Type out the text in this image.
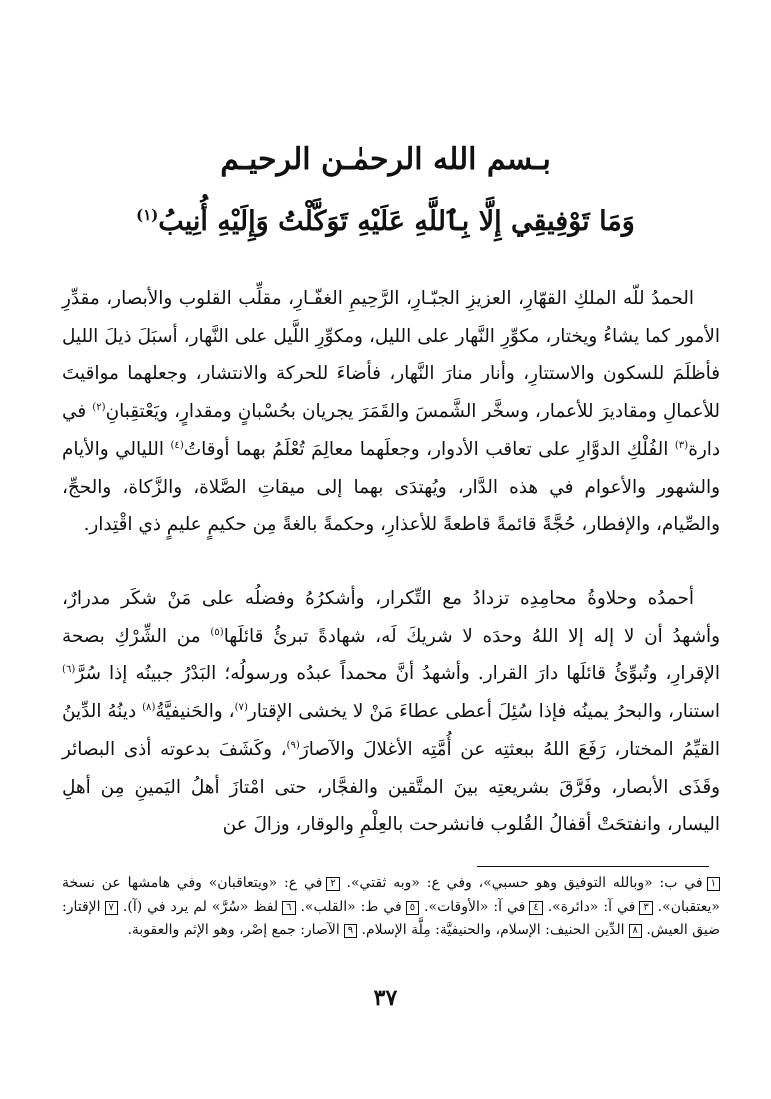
بـسم الله الرحمٰـن الرحيـم
وَمَا تَوْفِيقِي إِلَّا بِٱللَّهِ عَلَيْهِ تَوَكَّلْتُ وَإِلَيْهِ أُنِيبُ$^{(١)}$
الحمدُ للّه الملكِ القهّارِ، العزيزِ الجبّـارِ، الرَّحِيمِ الغفّـارِ، مقلِّب القلوب والأبصار، مقدِّرِ الأمور كما يشاءُ ويختار، مكوِّرِ النَّهار على الليل، ومكوِّرِ اللَّيل على النَّهار، أسبَلَ ذيلَ الليل فأظلَمَ للسكون والاستتارِ، وأنار منارَ النَّهار، فأضاءَ للحركة والانتشار، وجعلهما مواقيتَ للأعمالِ ومقاديرَ للأعمار، وسخَّر الشَّمسَ والقَمَرَ يجريان بحُسْبانٍ ومقدارٍ، ويَعْتقِبانِ$^{(٢)}$ في دارة$^{(٣)}$ الفُلْكِ الدوَّارِ على تعاقب الأدوار، وجعلَهما معالِمَ تُعْلَمُ بهما أوقاتُ$^{(٤)}$ الليالي والأيام والشهور والأعوام في هذه الدَّار، ويُهتدَى بهما إلى ميقاتِ الصَّلاة، والزَّكاة، والحجِّ، والصِّيام، والإفطار، حُجَّةً قائمةً قاطعةً للأعذارِ، وحكمةً بالغةً مِن حكيمٍ عليمٍ ذي اقْتِدار.
أحمدُه وحلاوةُ محامِدِه تزدادُ مع التِّكرار، وأشكرُهُ وفضلُه على مَنْ شكَر مدرارٌ، وأشهدُ أن لا إله إلا اللهُ وحدَه لا شريكَ لَه، شهادةً تبرئُ قائلَها$^{(٥)}$ من الشِّرْكِ بصحة الإقرارِ، وتُبوِّئُ قائلَها دارَ القرار. وأشهدُ أنَّ محمداً عبدُه ورسولُه؛ البَدْرُ جبينُه إذا سُرَّ$^{(٦)}$ استنار، والبحرُ يمينُه فإذا سُئِلَ أعطى عطاءَ مَنْ لا يخشى الإقتار$^{(٧)}$، والحَنيفيَّةُ$^{(٨)}$ دينُهُ الدِّينُ القيِّمُ المختار، رَفَعَ اللهُ ببعثتِه عن أُمَّتِه الأغلالَ والآصارَ$^{(٩)}$، وكَشَفَ بدعوته أذى البصائر وقَذَى الأبصار، وفَرَّقَ بشريعتِه بينَ المتَّقين والفجَّار، حتى امْتازَ أهلُ اليَمينِ مِن أهلِ اليسار، وانفتحَتْ أقفالُ القُلوب فانشرحت بالعِلْمِ والوقار، وزالَ عن
١في ب: «وبالله التوفيق وهو حسبي»، وفي ع: «وبه ثقتي». ٢في ع: «ويتعاقبان» وفي هامشها عن نسخة «يعتقبان». ٣في آ: «دائرة». ٤في آ: «الأوقات». ٥في ط: «القلب». ٦لفظ «سُرَّ» لم يرد في (آ). ٧الإقتار: ضيق العيش. ٨الدِّين الحنيف: الإسلام، والحنيفيَّة: مِلَّة الإسلام. ٩الآصار: جمع إصْر، وهو الإثم والعقوبة.
٣٧
